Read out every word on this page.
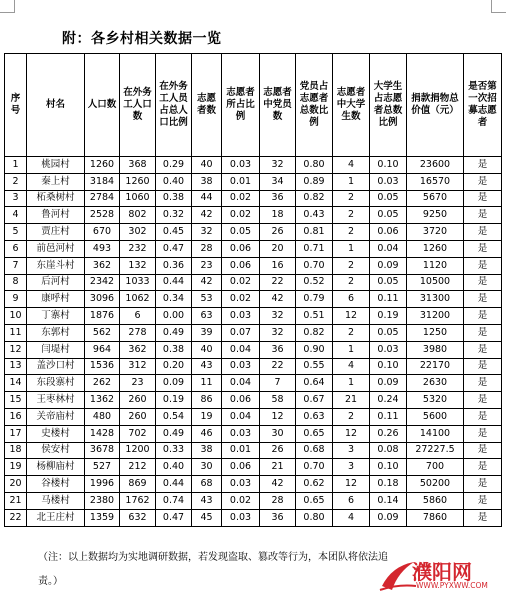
附：各乡村相关数据一览
序号	村名	人口数	在外务工人口数	在外务工人员占总人口比例	志愿者数	志愿者所占比例	志愿者中党员数	党员占志愿者总数比例	志愿者中大学生数	大学生占志愿者总数比例	捐款捐物总价值（元）	是否第一次招募志愿者
1	桃园村	1260	368	0.29	40	0.03	32	0.80	4	0.10	23600	是
2	秦上村	3184	1260	0.40	38	0.01	34	0.89	1	0.03	16570	是
3	柘桑树村	2784	1060	0.38	44	0.02	36	0.82	2	0.05	5670	是
4	鲁河村	2528	802	0.32	42	0.02	18	0.43	2	0.05	9250	是
5	贾庄村	670	302	0.45	32	0.05	26	0.81	2	0.06	3720	是
6	前邑河村	493	232	0.47	28	0.06	20	0.71	1	0.04	1260	是
7	东崖斗村	362	132	0.36	23	0.06	16	0.70	2	0.09	1120	是
8	后河村	2342	1033	0.44	42	0.02	22	0.52	2	0.05	10500	是
9	康呼村	3096	1062	0.34	53	0.02	42	0.79	6	0.11	31300	是
10	丁寨村	1876	6	0.00	63	0.03	32	0.51	12	0.19	31200	是
11	东郭村	562	278	0.49	39	0.07	32	0.82	2	0.05	1250	是
12	闫堤村	964	362	0.38	40	0.04	36	0.90	1	0.03	3980	是
13	盖沙口村	1536	312	0.20	43	0.03	22	0.55	4	0.10	22170	是
14	东段寨村	262	23	0.09	11	0.04	7	0.64	1	0.09	2630	是
15	王枣林村	1362	260	0.19	86	0.06	58	0.67	21	0.24	5320	是
16	关帝庙村	480	260	0.54	19	0.04	12	0.63	2	0.11	5600	是
17	史楼村	1428	702	0.49	46	0.03	30	0.65	12	0.26	14100	是
18	侯安村	3678	1200	0.33	38	0.01	26	0.68	3	0.08	27227.5	是
19	杨柳庙村	527	212	0.40	30	0.06	21	0.70	3	0.10	700	是
20	谷楼村	1996	869	0.44	68	0.03	42	0.62	12	0.18	50200	是
21	马楼村	2380	1762	0.74	43	0.02	28	0.65	6	0.14	5860	是
22	北王庄村	1359	632	0.47	45	0.03	36	0.80	4	0.09	7860	是
（注：以上数据均为实地调研数据，若发现盗取、篡改等行为，本团队将依法追
责。）	濮阳网
WWW.PYXWW.COM
